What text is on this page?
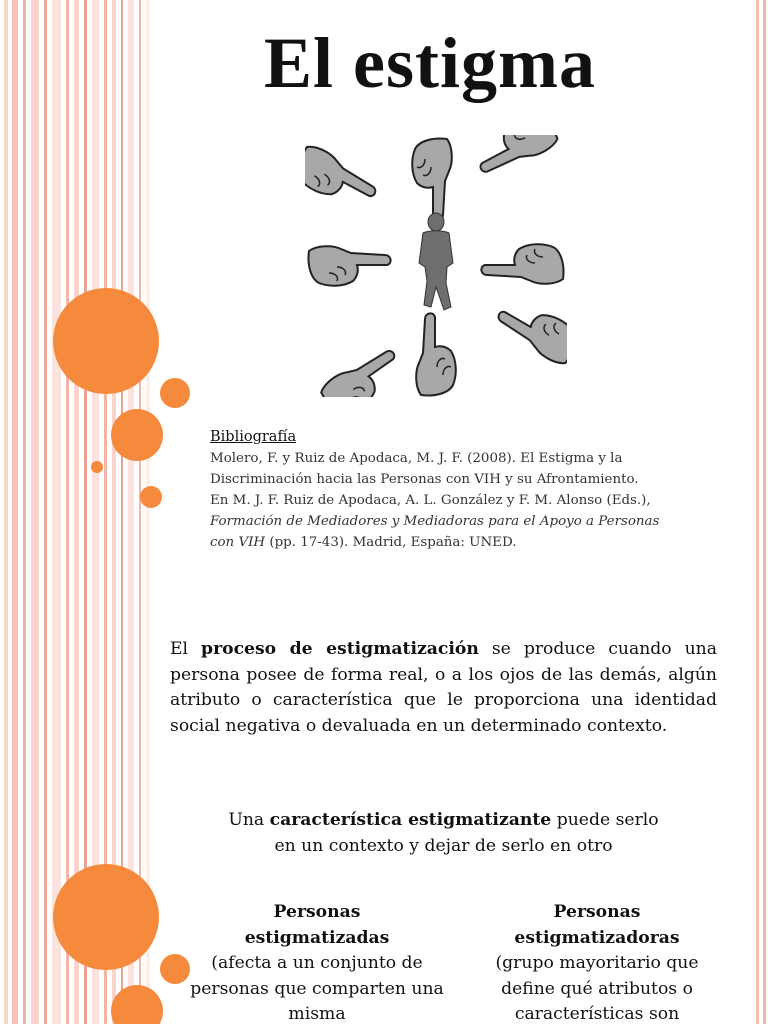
El estigma
Bibliografía
Molero, F. y Ruiz de Apodaca, M. J. F. (2008). El Estigma y la
Discriminación hacia las Personas con VIH y su Afrontamiento.
En M. J. F. Ruiz de Apodaca, A. L. González y F. M. Alonso (Eds.),
Formación de Mediadores y Mediadoras para el Apoyo a Personas
con VIH (pp. 17-43). Madrid, España: UNED.

El proceso de estigmatización se produce cuando una persona posee de forma real, o a los ojos de las demás, algún atributo o característica que le proporciona una identidad social negativa o devaluada en un determinado contexto.

Una característica estigmatizante puede serlo
en un contexto y dejar de serlo en otro
Personas
estigmatizadas
(afecta a un conjunto de personas que comparten una misma
Personas
estigmatizadoras
(grupo mayoritario que define qué atributos o características son
